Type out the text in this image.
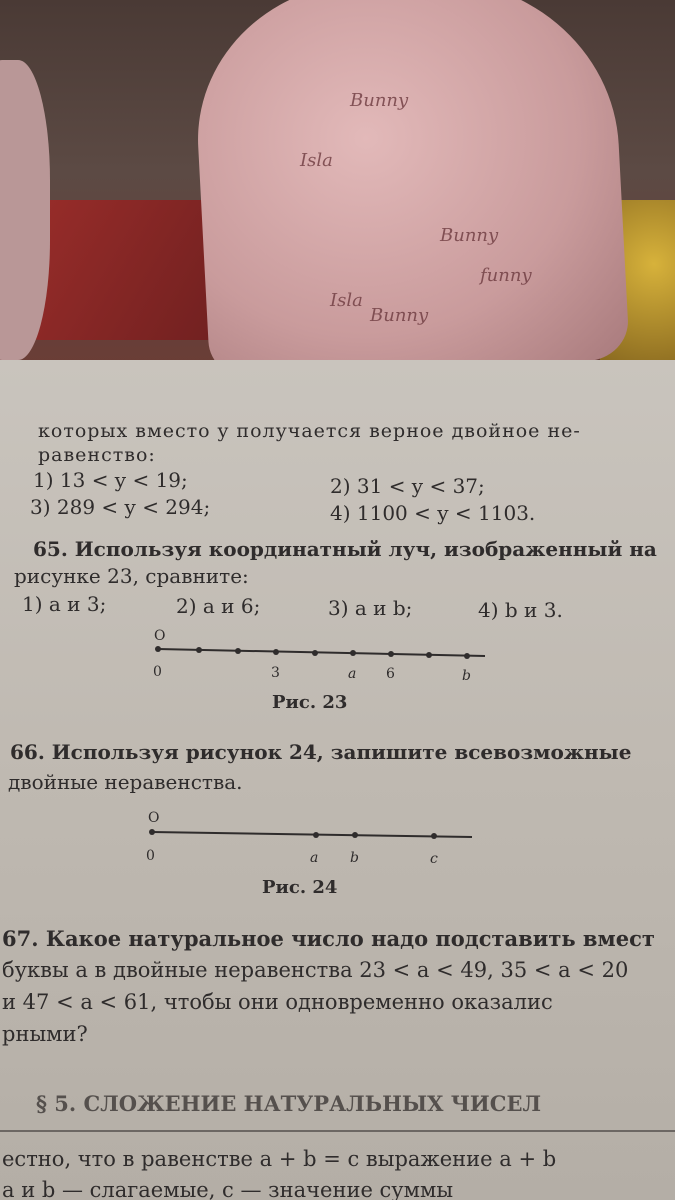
Bunny
Isla
Bunny
Bunny
Isla
funny
которых вместо y получается верное двойное не-
равенство:
1) 13 < y < 19;	2) 31 < y < 37;
3) 289 < y < 294;	4) 1100 < y < 1103.
65. Используя координатный луч, изображенный на
рисунке 23, сравните:
1) a и 3;	2) a и 6;	3) a и b;	4) b и 3.
O
0	3	a 6	b
Рис. 23
66. Используя рисунок 24, запишите всевозможные
двойные неравенства.
O
0	a b	c
Рис. 24
67. Какое натуральное число надо подставить вмест
буквы a в двойные неравенства 23 < a < 49, 35 < a < 20
и 47 < a < 61, чтобы они одновременно оказалис
рными?
§ 5. СЛОЖЕНИЕ НАТУРАЛЬНЫХ ЧИСЕЛ
естно, что в равенстве a + b = c выражение a + b
a и b — слагаемые, c — значение суммы
